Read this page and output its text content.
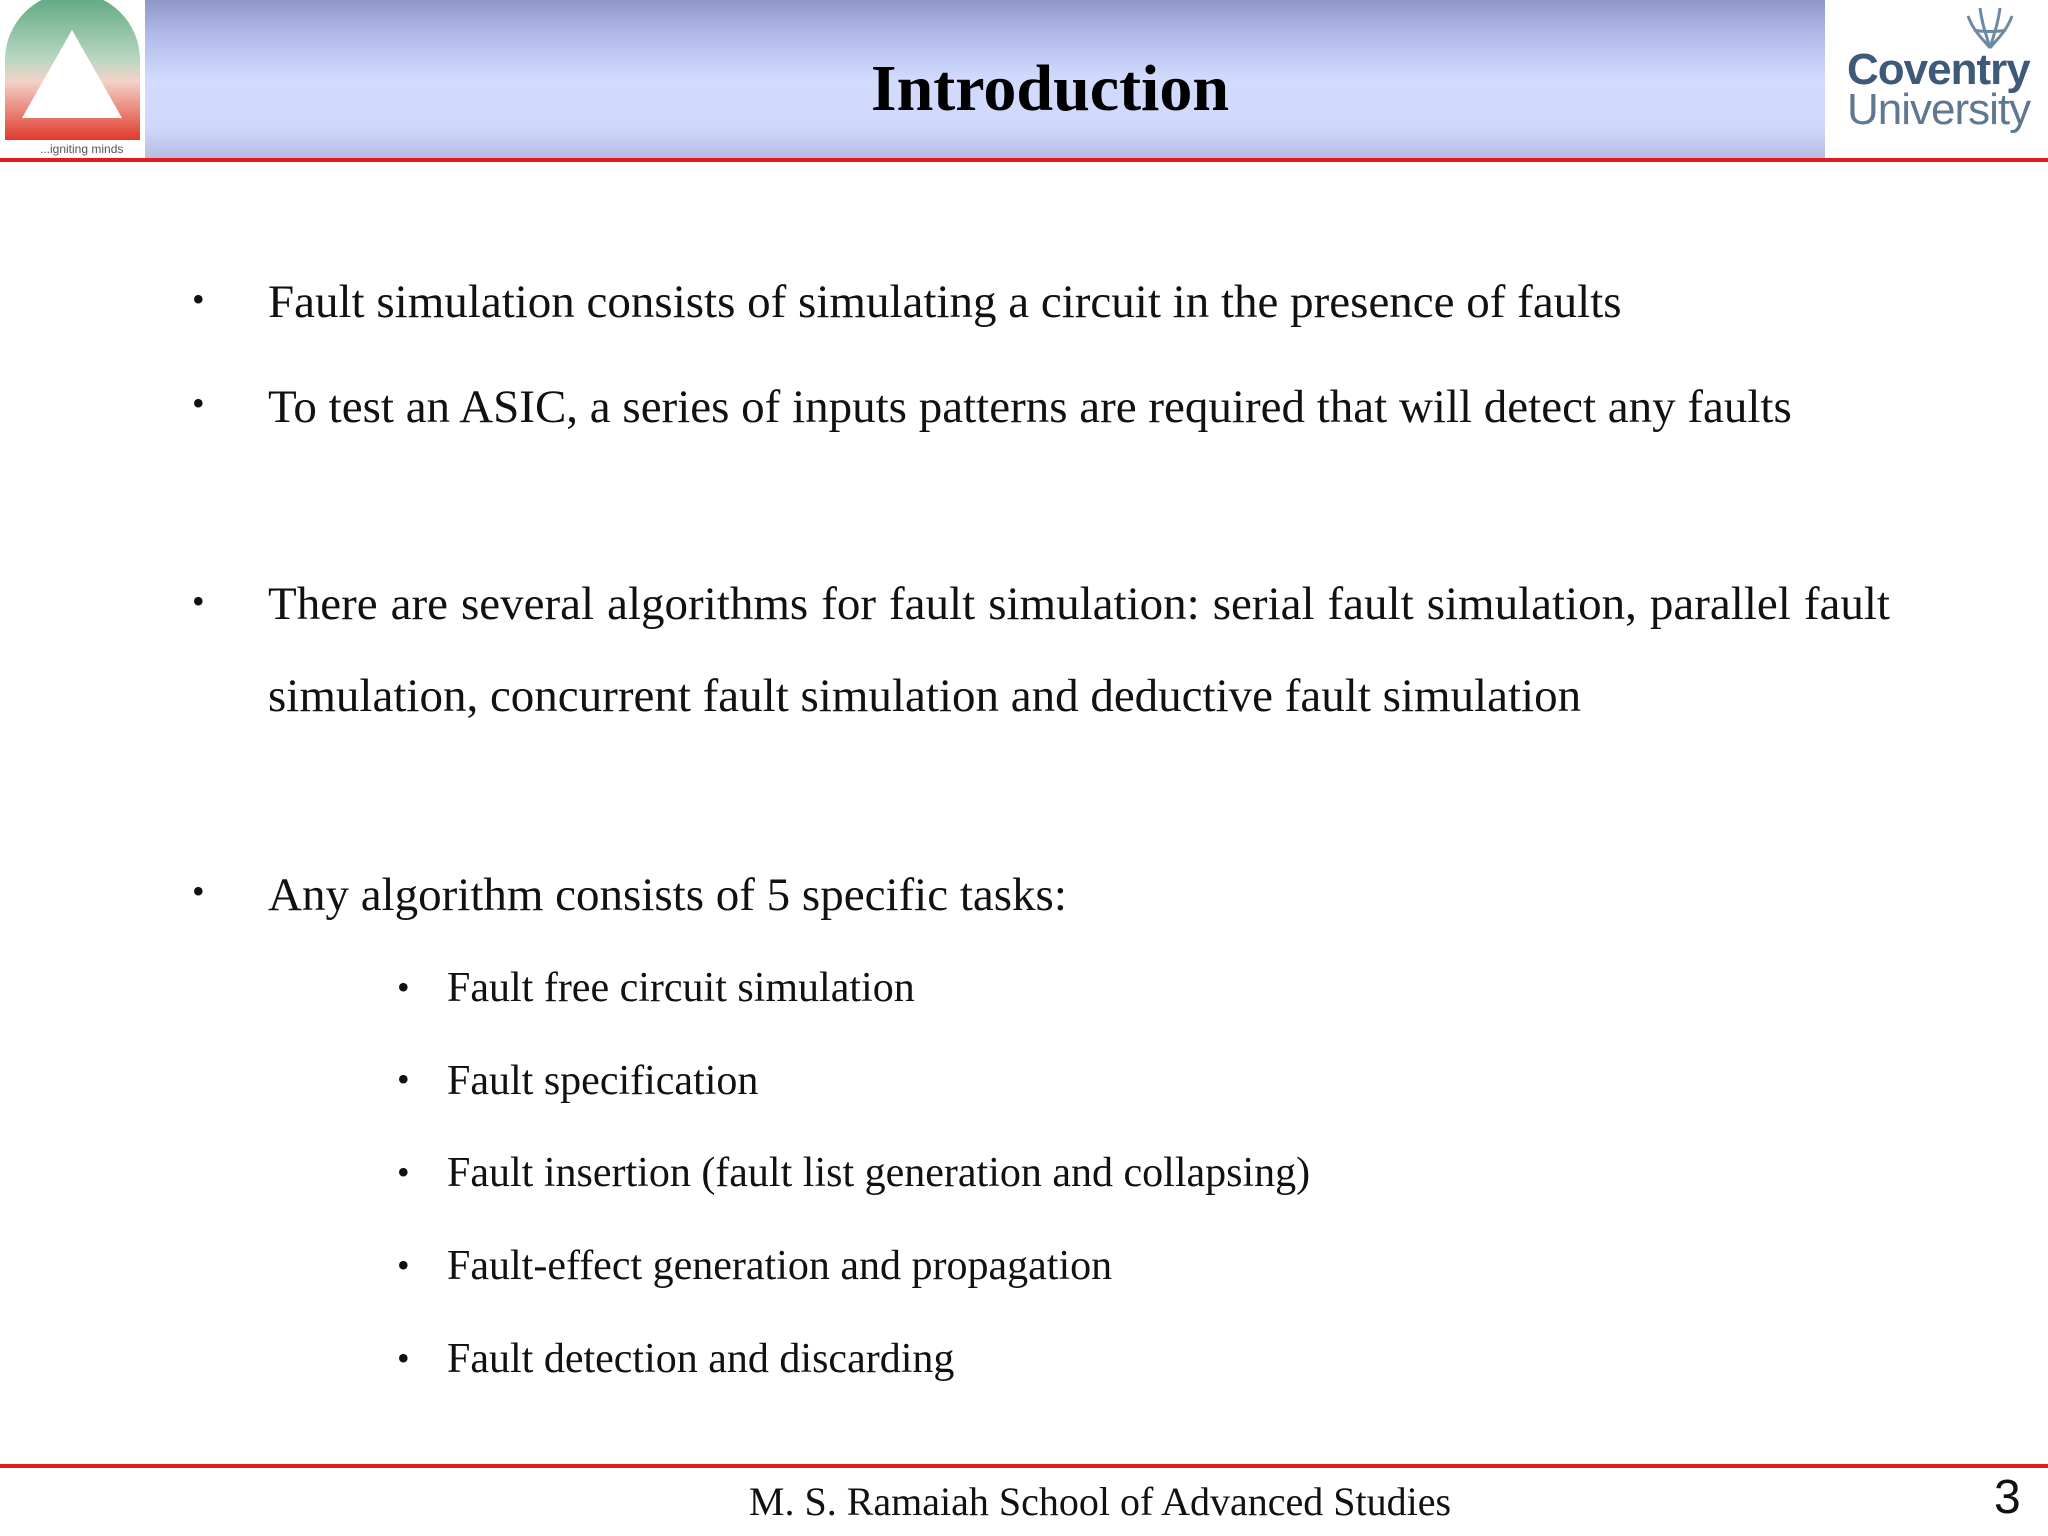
...igniting minds
Introduction	Coventry
University
• Fault simulation consists of simulating a circuit in the presence of faults

• To test an ASIC, a series of inputs patterns are required that will detect any faults

• There are several algorithms for fault simulation: serial fault simulation, parallel fault simulation, concurrent fault simulation and deductive fault simulation

• Any algorithm consists of 5 specific tasks:

• Fault free circuit simulation

• Fault specification

• Fault insertion (fault list generation and collapsing)

• Fault-effect generation and propagation

• Fault detection and discarding

M. S. Ramaiah School of Advanced Studies	3
